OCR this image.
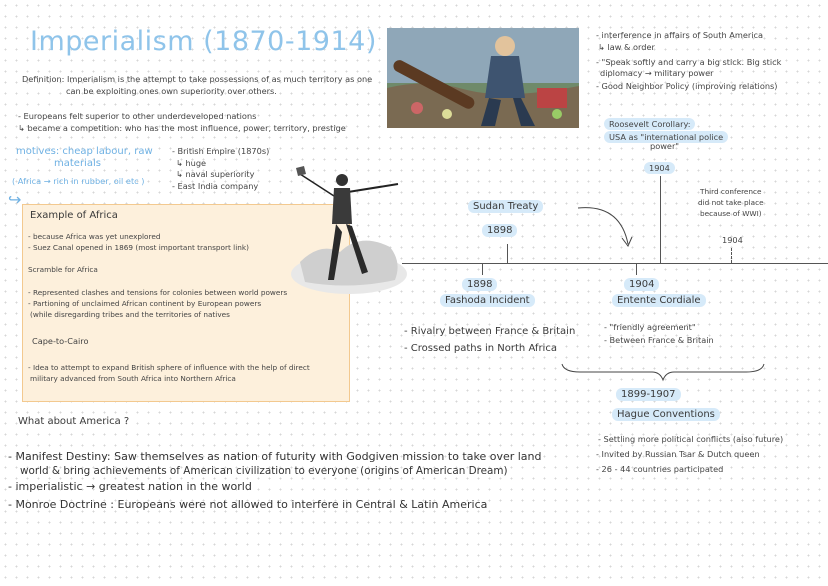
Imperialism (1870-1914)
Definition: Imperialism is the attempt to take possessions of as much territory as one
can be exploiting ones own superiority over others.
- Europeans felt superior to other underdeveloped nations
↳ became a competition: who has the most influence, power, territory, prestige
motives: cheap labour, raw
materials
( Africa → rich in rubber, oil etc )
↪
- British Empire (1870s)
↳ huge
↳ naval superiority
- East India company
Example of Africa
- because Africa was yet unexplored
- Suez Canal opened in 1869 (most important transport link)
Scramble for Africa
- Represented clashes and tensions for colonies between world powers
- Partioning of unclaimed African continent by European powers
(while disregarding tribes and the territories of natives
Cape-to-Cairo
- Idea to attempt to expand British sphere of influence with the help of direct
military advanced from South Africa into Northern Africa
- interference in affairs of South America
↳ law & order
- "Speak softly and carry a big stick. Big stick
diplomacy → military power
- Good Neighbor Policy (improving relations)
Roosevelt Corollary:
USA as "international police
power"
1904
Third conference
did not take place
because of WWI)
1904
Sudan Treaty
1898
1898
Fashoda Incident
1904
Entente Cordiale
- Rivalry between France & Britain
- Crossed paths in North Africa
- "friendly agreement"
- Between France & Britain
1899-1907
Hague Conventions
- Settling more political conflicts (also future)
- Invited by Russian Tsar & Dutch queen
- 26 - 44 countries participated
What about America ?
- Manifest Destiny: Saw themselves as nation of futurity with Godgiven mission to take over land
world & bring achievements of American civilization to everyone (origins of American Dream)
- imperialistic → greatest nation in the world
- Monroe Doctrine : Europeans were not allowed to interfere in Central & Latin America
